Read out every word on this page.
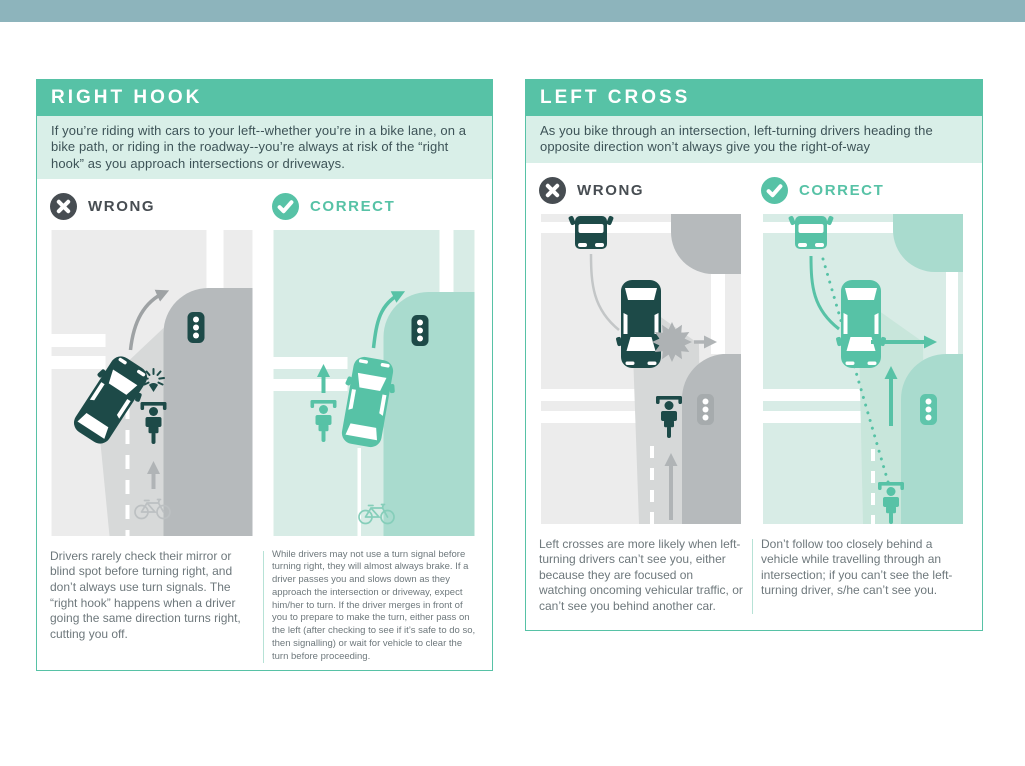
RIGHT HOOK
If you’re riding with cars to your left--whether you’re in a bike lane, on a bike path, or riding in the roadway--you’re always at risk of the “right hook” as you approach intersections or driveways.
WRONG	CORRECT
Drivers rarely check their mirror or blind spot before turning right, and don’t always use turn signals. The “right hook” happens when a driver going the same direction turns right, cutting you off.
While drivers may not use a turn signal before turning right, they will almost always brake. If a driver passes you and slows down as they approach the intersection or driveway, expect him/her to turn. If the driver merges in front of you to prepare to make the turn, either pass on the left (after checking to see if it’s safe to do so, then signalling) or wait for vehicle to clear the turn before proceeding.
LEFT CROSS
As you bike through an intersection, left-turning drivers heading the opposite direction won’t always give you the right-of-way
WRONG	CORRECT
Left crosses are more likely when left-turning drivers can’t see you, either because they are focused on watching oncoming vehicular traffic, or can’t see you behind another car.
Don’t follow too closely behind a vehicle while travelling through an intersection; if you can’t see the left-turning driver, s/he can’t see you.
